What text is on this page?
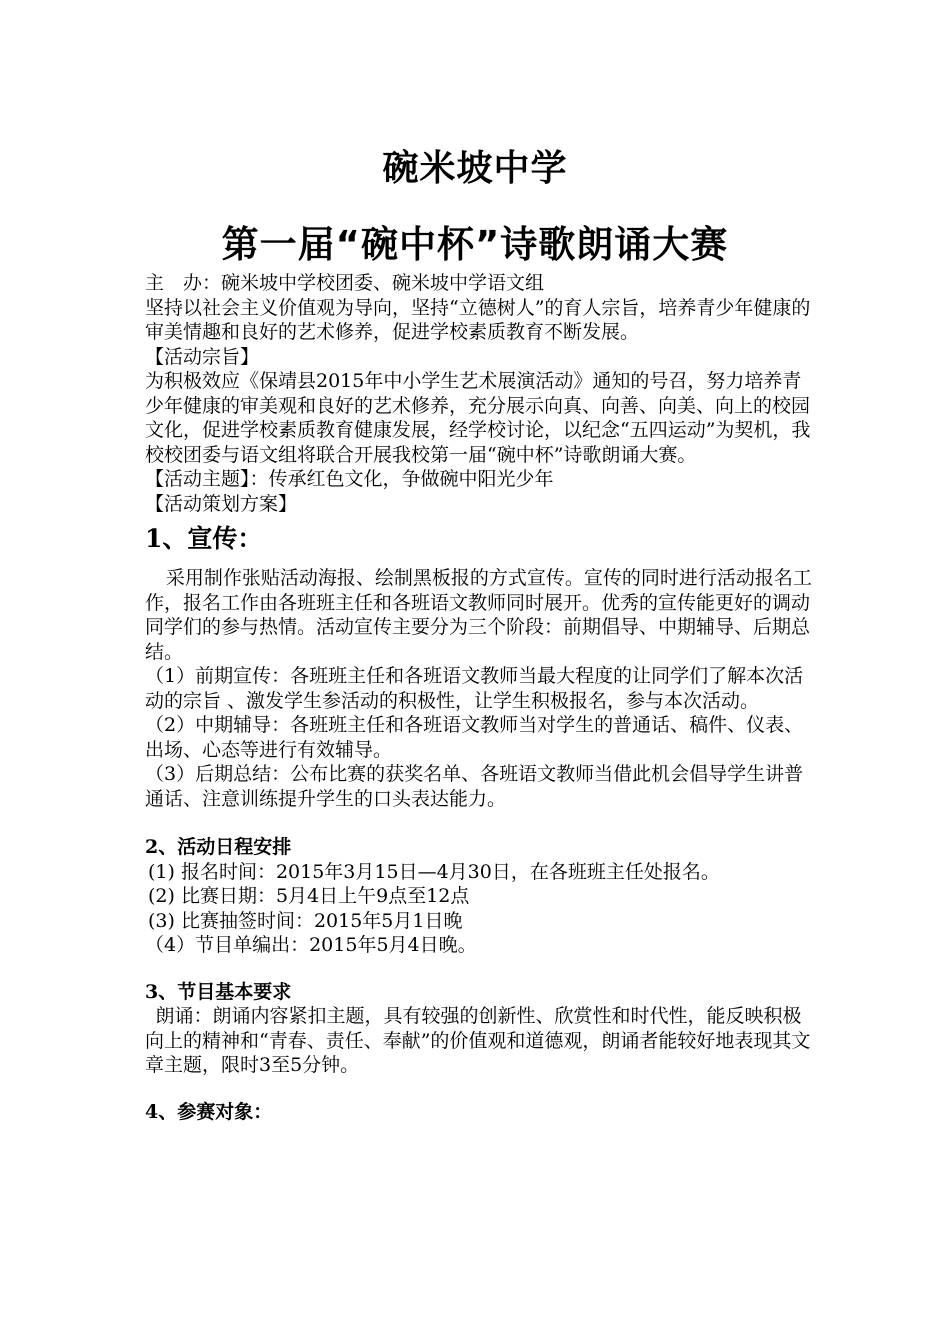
碗米坡中学
第一届“碗中杯”诗歌朗诵大赛

主　办：碗米坡中学校团委、碗米坡中学语文组

坚持以社会主义价值观为导向，坚持“立德树人”的育人宗旨，培养青少年健康的审美情趣和良好的艺术修养，促进学校素质教育不断发展。

【活动宗旨】

为积极效应《保靖县2015年中小学生艺术展演活动》通知的号召，努力培养青少年健康的审美观和良好的艺术修养，充分展示向真、向善、向美、向上的校园文化，促进学校素质教育健康发展，经学校讨论，以纪念“五四运动”为契机，我校校团委与语文组将联合开展我校第一届“碗中杯”诗歌朗诵大赛。

【活动主题】：传承红色文化，争做碗中阳光少年

【活动策划方案】

1、宣传：

采用制作张贴活动海报、绘制黑板报的方式宣传。宣传的同时进行活动报名工作，报名工作由各班班主任和各班语文教师同时展开。优秀的宣传能更好的调动同学们的参与热情。活动宣传主要分为三个阶段：前期倡导、中期辅导、后期总结。

（1）前期宣传：各班班主任和各班语文教师当最大程度的让同学们了解本次活动的宗旨 、激发学生参活动的积极性，让学生积极报名，参与本次活动。

（2）中期辅导：各班班主任和各班语文教师当对学生的普通话、稿件、仪表、出场、心态等进行有效辅导。

（3）后期总结：公布比赛的获奖名单、各班语文教师当借此机会倡导学生讲普通话、注意训练提升学生的口头表达能力。

2、活动日程安排

(1) 报名时间：2015年3月15日—4月30日，在各班班主任处报名。

(2) 比赛日期：5月4日上午9点至12点

(3) 比赛抽签时间：2015年5月1日晚

（4）节目单编出：2015年5月4日晚。

3、节目基本要求

朗诵：朗诵内容紧扣主题，具有较强的创新性、欣赏性和时代性，能反映积极向上的精神和“青春、责任、奉献”的价值观和道德观，朗诵者能较好地表现其文章主题，限时3至5分钟。

4、参赛对象：
